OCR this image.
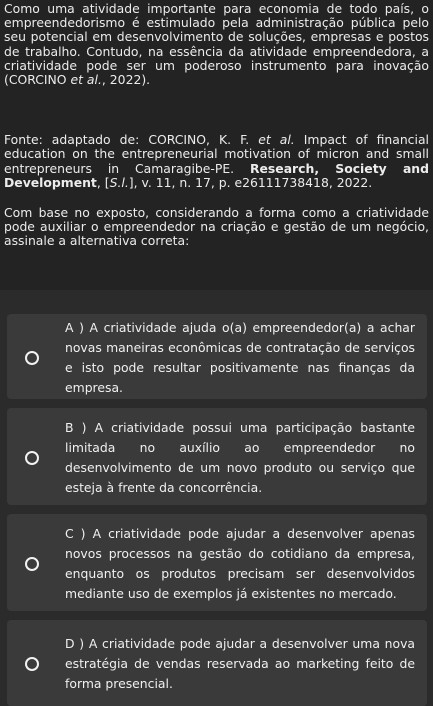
Como uma atividade importante para economia de todo país, o empreendedorismo é estimulado pela administração pública pelo seu potencial em desenvolvimento de soluções, empresas e postos de trabalho. Contudo, na essência da atividade empreendedora, a criatividade pode ser um poderoso instrumento para inovação (CORCINO et al., 2022).

Fonte: adaptado de: CORCINO, K. F. et al. Impact of financial education on the entrepreneurial motivation of micron and small entrepreneurs in Camaragibe-PE. Research, Society and Development, [S.l.], v. 11, n. 17, p. e26111738418, 2022.

Com base no exposto, considerando a forma como a criatividade pode auxiliar o empreendedor na criação e gestão de um negócio, assinale a alternativa correta:

A ) A criatividade ajuda o(a) empreendedor(a) a achar novas maneiras econômicas de contratação de serviços e isto pode resultar positivamente nas finanças da empresa.
B ) A criatividade possui uma participação bastante limitada no auxílio ao empreendedor no desenvolvimento de um novo produto ou serviço que esteja à frente da concorrência.
C ) A criatividade pode ajudar a desenvolver apenas novos processos na gestão do cotidiano da empresa, enquanto os produtos precisam ser desenvolvidos mediante uso de exemplos já existentes no mercado.
D ) A criatividade pode ajudar a desenvolver uma nova estratégia de vendas reservada ao marketing feito de forma presencial.
